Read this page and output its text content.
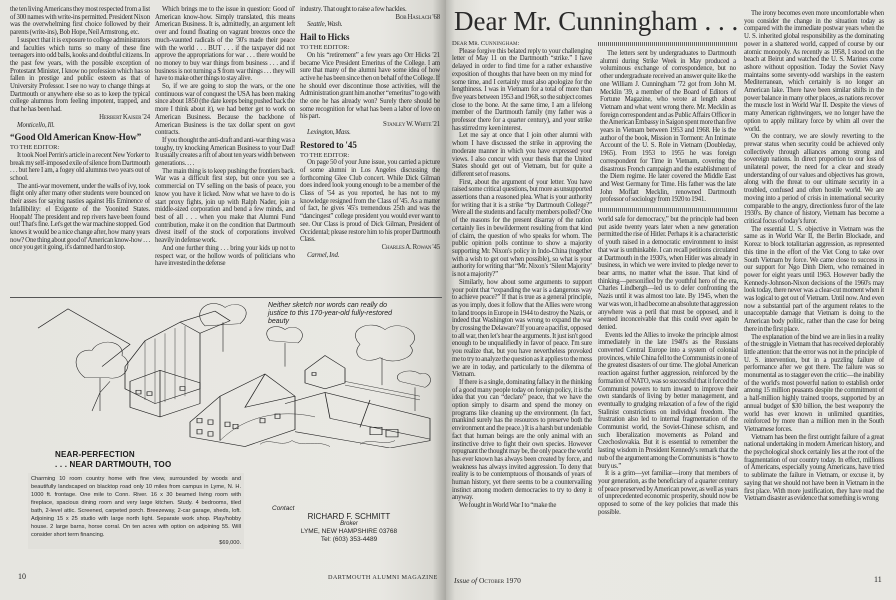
the ten living Americans they most respected from a list of 300 names with write-ins permitted. President Nixon was the overwhelming first choice followed by their parents (write-ins), Bob Hope, Neil Armstrong, etc.

I suspect that it is exposure to college administrators and faculties which turns so many of these fine teenagers into odd balls, kooks and doubtful citizens. In the past few years, with the possible exception of Protestant Minister, I know no profession which has so fallen in prestige and public esteem as that of University Professor. I see no way to change things at Dartmouth or anywhere else so as to keep the typical college alumnus from feeling impotent, trapped, and that he has been had.

Herbert Kaiser '24

Monticello, Ill.

“Good Old American Know-How”
TO THE EDITOR:

It took Noel Perrin's article in a recent New Yorker to break my self-imposed exile of silence from Dartmouth . . . but here I am, a fogey old alumnus two years out of school.

The anti-war movement, under the walls of ivy, took flight only after many other students were bounced on their asses for saying nasties against His Eminence of Infallibility: el Exigente of the Yoonited States. Hoopah! The president and rep rivers have been found out! That's fine. Let's get the war machine stopped. God knows it would be a nice change after, how many years now? One thing about good ol' American know-how . . . once you get it going, it's damned hard to stop.

Which brings me to the issue in question: Good ol' American know-how. Simply translated, this means American Business. It is, admittedly, an argument left over and found floating on vagrant breezes once the much-vaunted radicals of the '30's made their peace with the world . . . BUT . . . if the taxpayer did not approve the appropriations for war . . . there would be no money to buy war things from business . . . and if business is not turning a $ from war things . . . they will have to make other things to stay alive.

So, if we are going to stop the wars, or the one continuous war of conquest the USA has been making since about 1850 (the date keeps being pushed back the more I think about it), we had better get to work on American Business. Because the backbone of American Business is the tax dollar spent on govt contracts.

If you thought the anti-draft and anti-war thing was a toughy, try knocking American Business to your Dad! It usually creates a rift of about ten years width between generations. . . .

The main thing is to keep pushing the frontiers back. War was a difficult first step, but once you see a commercial on TV selling on the basis of peace, you know you have it licked. Now what we have to do is start proxy fights, join up with Ralph Nader, join a middle-sized corporation and bend a few minds, and best of all . . . when you make that Alumni Fund contribution, make it on the condition that Dartmouth divest itself of the stock of corporations involved heavily in defense work.

And one further thing . . . bring your kids up not to respect war, or the hollow words of politicians who have invested in the defense

industry. That ought to raise a few hackles.

Bob Haslach '68

Seattle, Wash.

Hail to Hicks
TO THE EDITOR:

On his “retirement” a few years ago Orr Hicks '21 became Vice President Emeritus of the College. I am sure that many of the alumni have some idea of how active he has been since then on behalf of the College. If he should ever discontinue those activities, will the Administration grant him another “emeritus” to go with the one he has already won? Surely there should be some recognition for what has been a labor of love on his part.

Stanley W. White '21

Lexington, Mass.

Restored to '45
TO THE EDITOR:

On page 50 of your June issue, you carried a picture of some alumni in Los Angeles discussing the forthcoming Glee Club concert. While Dick Gilman does indeed look young enough to be a member of the Class of '54 as you reported, he has not to my knowledge resigned from the Class of '45. As a matter of fact, he gives '45's tremendous 25th and was the “dancingest” college president you would ever want to see. Our Class is proud of Dick Gilman, President of Occidental; please restore him to his proper Dartmouth Class.

Charles A. Rowan '45

Carmel, Ind.

Neither sketch nor words can really do justice to this 170-year-old fully-restored beauty
NEAR-PERFECTION
. . . NEAR DARTMOUTH, TOO
Charming 10 room country home with fine view, surrounded by woods and beautifully landscaped on blacktop road only 10 miles from campus in Lyme, N. H. 1000 ft. frontage. One mile to Conn. River. 16 x 30 beamed living room with fireplace, spacious dining room and very large kitchen. Study. 4 bedrooms, tiled bath, 2-level attic. Screened, carpeted porch. Breezeway, 2-car garage, sheds, loft. Adjoining 15 x 25 studio with large north light. Separate work shop. Play/hobby house. 2 large barns, horse corral. On ten acres with option on adjoining 55. Will consider short term financing.
$69,000.
Contact
RICHARD F. SCHMITT
Broker
LYME, NEW HAMPSHIRE 03768
Tel: (603) 353-4489
10	DARTMOUTH ALUMNI MAGAZINE
Dear Mr. Cunningham . . .
Dear Mr. Cunningham:

Please forgive this belated reply to your challenging letter of May 11 on the Dartmouth “strike.” I have delayed in order to find time for a rather exhaustive exposition of thoughts that have been on my mind for some time, and I certainly must also apologize for the lengthiness. I was in Vietnam for a total of more than five years between 1953 and 1968, so the subject comes close to the bone. At the same time, I am a lifelong member of the Dartmouth family (my father was a professor there for a quarter century), and your strike has stirred my keen interest.

Let me say at once that I join other alumni with whom I have discussed the strike in approving the moderate manner in which you have expressed your views. I also concur with your thesis that the United States should get out of Vietnam, but for quite a different set of reasons.

First, about the argument of your letter. You have raised some critical questions, but more as unsupported assertions than a reasoned plea. What is your authority for writing that it is a strike “by Dartmouth College?” Were all the students and faculty members polled? One of the reasons for the present disarray of the nation certainly lies in bewilderment resulting from that kind of claim, the question of who speaks for whom. The public opinion polls continue to show a majority supporting Mr. Nixon's policy in Indo-China (together with a wish to get out when possible), so what is your authority for writing that “Mr. Nixon's ‘Silent Majority’ is not a majority?”

Similarly, how about some arguments to support your point that “expanding the war is a dangerous way to achieve peace?” If that is true as a general principle, as you imply, does it follow that the Allies were wrong to land troops in Europe in 1944 to destroy the Nazis, or indeed that Washington was wrong to expand the war by crossing the Delaware? If you are a pacifist, opposed to all war, then let's hear the arguments. It just isn't good enough to be unqualifiedly in favor of peace. I'm sure you realize that, but you have nevertheless provoked me to try to analyze the question as it applies to the mess we are in today, and particularly to the dilemma of Vietnam.

If there is a single, dominating fallacy in the thinking of a good many people today on foreign policy, it is the idea that you can “declare” peace, that we have the option simply to disarm and spend the money on programs like cleaning up the environment. (In fact, mankind surely has the resources to preserve both the environment and the peace.) It is a harsh but undeniable fact that human beings are the only animal with an instinctive drive to fight their own species. However repugnant the thought may be, the only peace the world has ever known has always been created by force, and weakness has always invited aggression. To deny that reality is to be contemptuous of thousands of years of human history, yet there seems to be a countervailing instinct among modern democracies to try to deny it anyway.

We fought in World War I to “make the

The letters sent by undergraduates to Dartmouth alumni during Strike Week in May produced a voluminous exchange of correspondence, but no other undergraduate received an answer quite like the one William J. Cunningham '72 got from John M. Mecklin '39, a member of the Board of Editors of Fortune Magazine, who wrote at length about Vietnam and what went wrong there. Mr. Mecklin as foreign correspondent and as Public Affairs Officer in the American Embassy in Saigon spent more than five years in Vietnam between 1953 and 1968. He is the author of the book, Mission in Torment: An Intimate Account of the U. S. Role in Vietnam (Doubleday, 1965). From 1953 to 1955 he was foreign correspondent for Time in Vietnam, covering the disastrous French campaign and the establishment of the Diem regime. He later covered the Middle East and West Germany for Time. His father was the late John Moffatt Mecklin, renowned Dartmouth professor of sociology from 1920 to 1941.

world safe for democracy,” but the principle had been put aside twenty years later when a new generation permitted the rise of Hitler. Perhaps it is a characteristic of youth raised in a democratic environment to insist that war is unthinkable. I can recall petitions circulated at Dartmouth in the 1930's, when Hitler was already in business, in which we were invited to pledge never to bear arms, no matter what the issue. That kind of thinking—personified by the youthful hero of the era, Charles Lindbergh—led us to defer confronting the Nazis until it was almost too late. By 1945, when the war was won, it had become an absolute that aggression anywhere was a peril that must be opposed, and it seemed inconceivable that this could ever again be denied.

Events led the Allies to invoke the principle almost immediately in the late 1940's as the Russians converted Central Europe into a system of colonial provinces, while China fell to the Communists in one of the greatest disasters of our time. The global American reaction against further aggression, reinforced by the formation of NATO, was so successful that it forced the Communist powers to turn inward to improve their own standards of living by better management, and eventually to grudging relaxation of a few of the rigid Stalinist constrictions on individual freedom. The frustration also led to internal fragmentation of the Communist world, the Soviet-Chinese schism, and such liberalization movements as Poland and Czechoslovakia. But it is essential to remember the lasting wisdom in President Kennedy's remark that the nub of the argument among the Communists is “how to bury us.”

It is a grim—yet familiar—irony that members of your generation, as the beneficiary of a quarter century of peace preserved by American power, as well as years of unprecedented economic prosperity, should now be opposed to some of the key policies that made this possible.

The irony becomes even more uncomfortable when you consider the change in the situation today as compared with the immediate postwar years when the U. S. inherited global responsibility as the dominating power in a shattered world, capped of course by our atomic monopoly. As recently as 1958, I stood on the beach at Beirut and watched the U. S. Marines come ashore without opposition. Today the Soviet Navy maintains some seventy-odd warships in the eastern Mediterranean, which certainly is no longer an American lake. There have been similar shifts in the power balance in many other places, as nations recover the muscle lost in World War II. Despite the views of many American rightwingers, we no longer have the option to apply military force by whim all over the world.

On the contrary, we are slowly reverting to the prewar status when security could be achieved only collectively through alliances among strong and sovereign nations. In direct proportion to our loss of unilateral power, the need for a clear and steady understanding of our values and objectives has grown, along with the threat to our ultimate security in a troubled, confused and often hostile world. We are moving into a period of crisis in international security comparable to the angry, directionless furor of the late 1930's. By chance of history, Vietnam has become a critical focus of today's furor.

The essential U. S. objective in Vietnam was the same as in World War II, the Berlin Blockade, and Korea: to block totalitarian aggression, as represented this time in the effort of the Viet Cong to take over South Vietnam by force. We came close to success in our support for Ngo Dinh Diem, who remained in power for eight years until 1963. However badly the Kennedy-Johnson-Nixon decisions of the 1960's may look today, there never was a clear-cut moment when it was logical to get out of Vietnam. Until now. And even now a substantial part of the argument relates to the unacceptable damage that Vietnam is doing to the American body politic, rather than the case for being there in the first place.

The explanation of the bind we are in lies in a reality of the struggle in Vietnam that has received deplorably little attention: that the error was not in the principle of U. S. intervention, but in a puzzling failure of performance after we got there. The failure was so monumental as to stagger even the critic—the inability of the world's most powerful nation to establish order among 15 million peasants despite the commitment of a half-million highly trained troops, supported by an annual budget of $30 billion, the best weaponry the world has ever known in unlimited quantities, reinforced by more than a million men in the South Vietnamese forces.

Vietnam has been the first outright failure of a great national undertaking in modern American history, and the psychological shock certainly lies at the root of the fragmentation of our country today. In effect, millions of Americans, especially young Americans, have tried to sublimate the failure in Vietnam, or excuse it, by saying that we should not have been in Vietnam in the first place. With more justification, they have read the Vietnam disaster as evidence that something is wrong

Issue of October 1970	11
